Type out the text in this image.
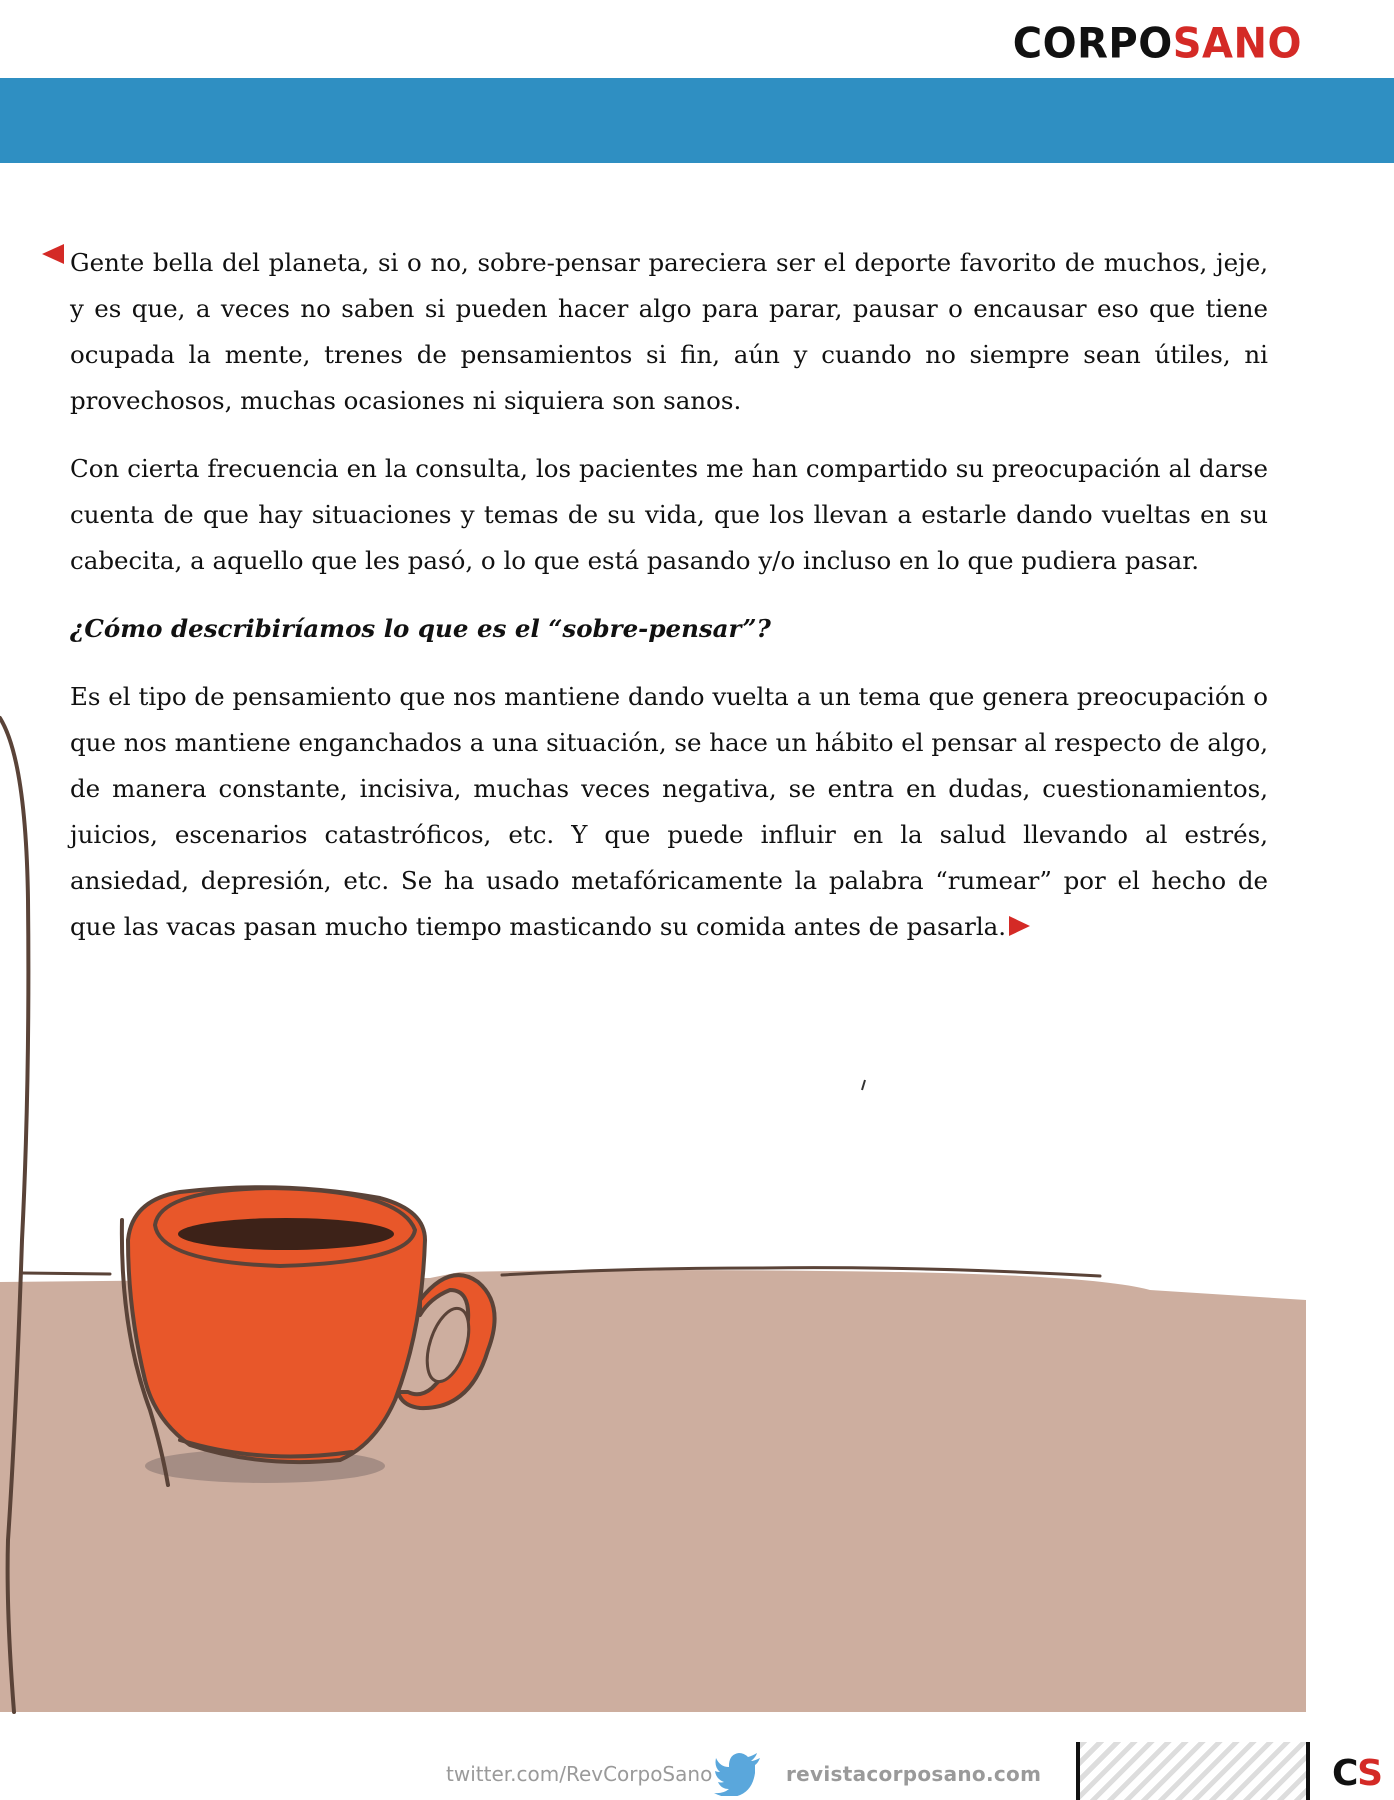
CORPOSANO

Gente bella del planeta, si o no, sobre-pensar pareciera ser el deporte favorito de muchos, jeje, y es que, a veces no saben si pueden hacer algo para parar, pausar o encausar eso que tiene ocupada la mente, trenes de pensamientos si fin, aún y cuando no siempre sean útiles, ni provechosos, muchas ocasiones ni siquiera son sanos.

Con cierta frecuencia en la consulta, los pacientes me han compartido su preocupación al darse cuenta de que hay situaciones y temas de su vida, que los llevan a estarle dando vueltas en su cabecita, a aquello que les pasó, o lo que está pasando y/o incluso en lo que pudiera pasar.

¿Cómo describiríamos lo que es el “sobre-pensar”?

Es el tipo de pensamiento que nos mantiene dando vuelta a un tema que genera preocupación o que nos mantiene enganchados a una situación, se hace un hábito el pensar al respecto de algo, de manera constante, incisiva, muchas veces negativa, se entra en dudas, cuestionamientos, juicios, escenarios catastróficos, etc. Y que puede influir en la salud llevando al estrés, ansiedad, depresión, etc. Se ha usado metafóricamente la palabra “rumear” por el hecho de que las vacas pasan mucho tiempo masticando su comida antes de pasarla.

twitter.com/RevCorpoSano	revistacorposano.com	CS
